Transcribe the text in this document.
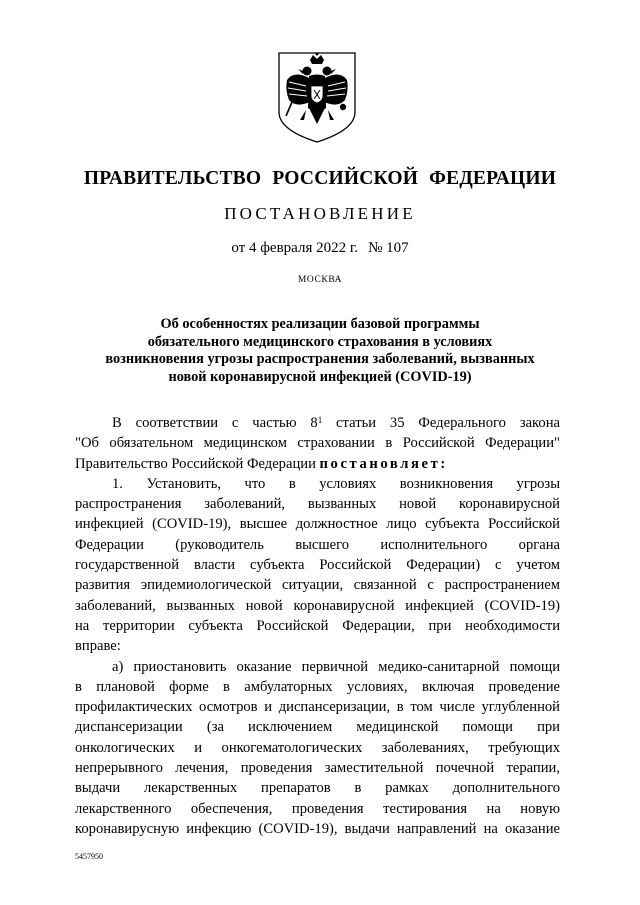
ПРАВИТЕЛЬСТВО РОССИЙСКОЙ ФЕДЕРАЦИИ
ПОСТАНОВЛЕНИЕ
от 4 февраля 2022 г. № 107
МОСКВА
Об особенностях реализации базовой программы
обязательного медицинского страхования в условиях
возникновения угрозы распространения заболеваний, вызванных
новой коронавирусной инфекцией (COVID-19)
В соответствии с частью $8^1$ статьи 35 Федерального закона
"Об обязательном медицинском страховании в Российской Федерации"
Правительство Российской Федерации постановляет:
1. Установить, что в условиях возникновения угрозы
распространения заболеваний, вызванных новой коронавирусной
инфекцией (COVID-19), высшее должностное лицо субъекта Российской
Федерации (руководитель высшего исполнительного органа
государственной власти субъекта Российской Федерации) с учетом
развития эпидемиологической ситуации, связанной с распространением
заболеваний, вызванных новой коронавирусной инфекцией (COVID-19)
на территории субъекта Российской Федерации, при необходимости
вправе:
а) приостановить оказание первичной медико-санитарной помощи
в плановой форме в амбулаторных условиях, включая проведение
профилактических осмотров и диспансеризации, в том числе углубленной
диспансеризации (за исключением медицинской помощи при
онкологических и онкогематологических заболеваниях, требующих
непрерывного лечения, проведения заместительной почечной терапии,
выдачи лекарственных препаратов в рамках дополнительного
лекарственного обеспечения, проведения тестирования на новую
коронавирусную инфекцию (COVID-19), выдачи направлений на оказание
5457950
